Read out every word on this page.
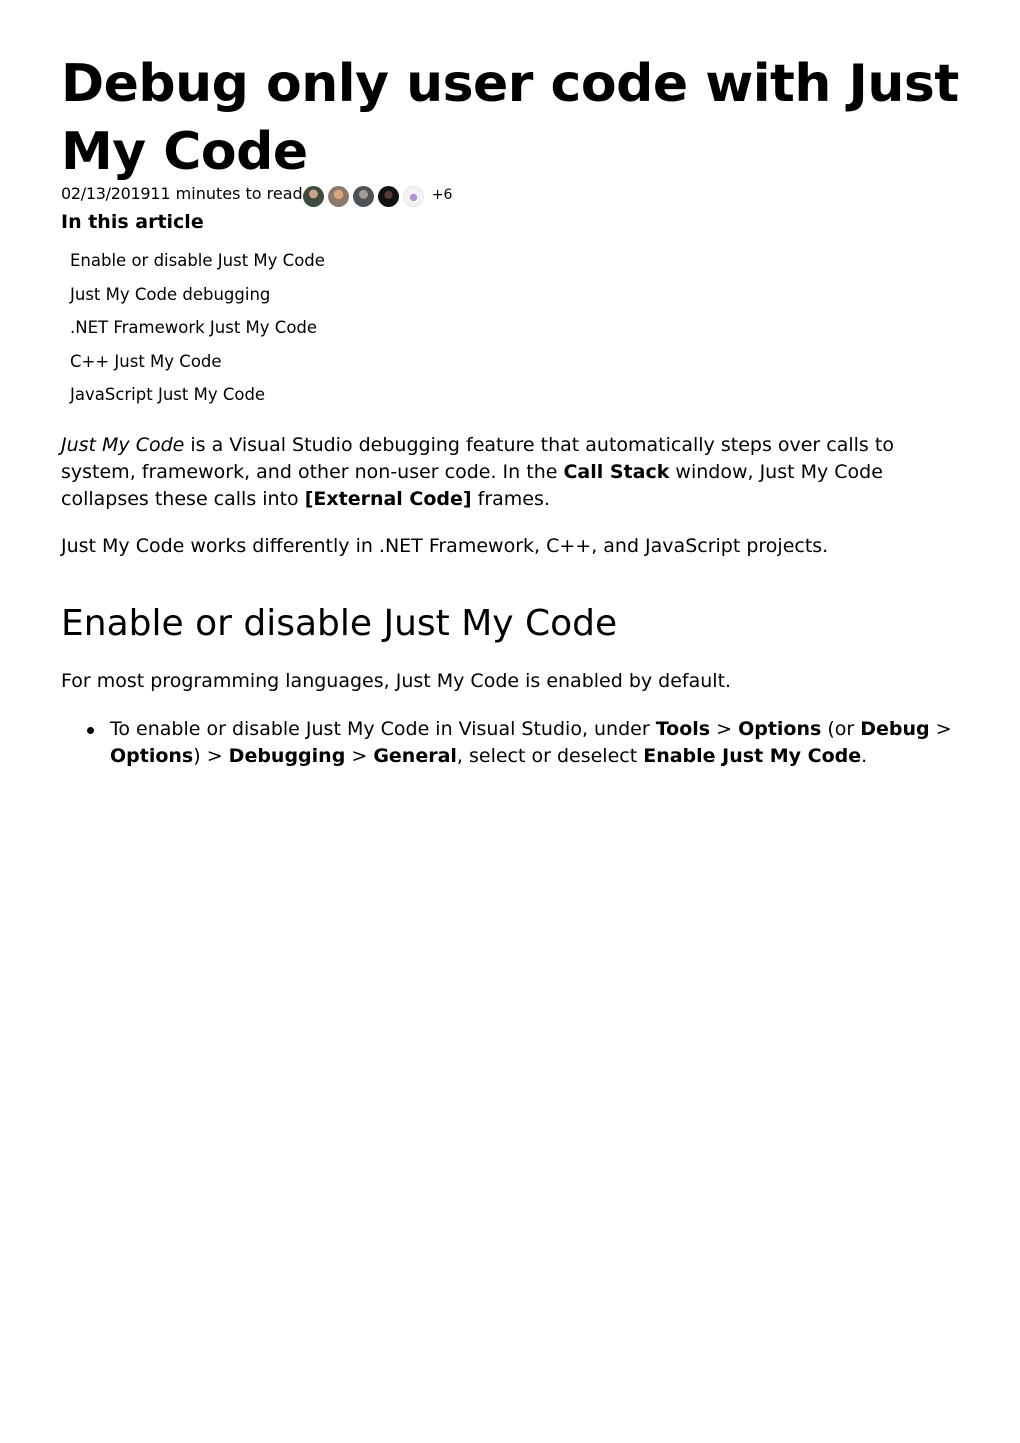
Debug only user code with Just My Code
02/13/2019 11 minutes to read	+6
In this article
Enable or disable Just My Code
Just My Code debugging
.NET Framework Just My Code
C++ Just My Code
JavaScript Just My Code

Just My Code is a Visual Studio debugging feature that automatically steps over calls to system, framework, and other non-user code. In the Call Stack window, Just My Code collapses these calls into [External Code] frames.

Just My Code works differently in .NET Framework, C++, and JavaScript projects.

Enable or disable Just My Code

For most programming languages, Just My Code is enabled by default.

To enable or disable Just My Code in Visual Studio, under Tools > Options (or Debug > Options) > Debugging > General, select or deselect Enable Just My Code.
